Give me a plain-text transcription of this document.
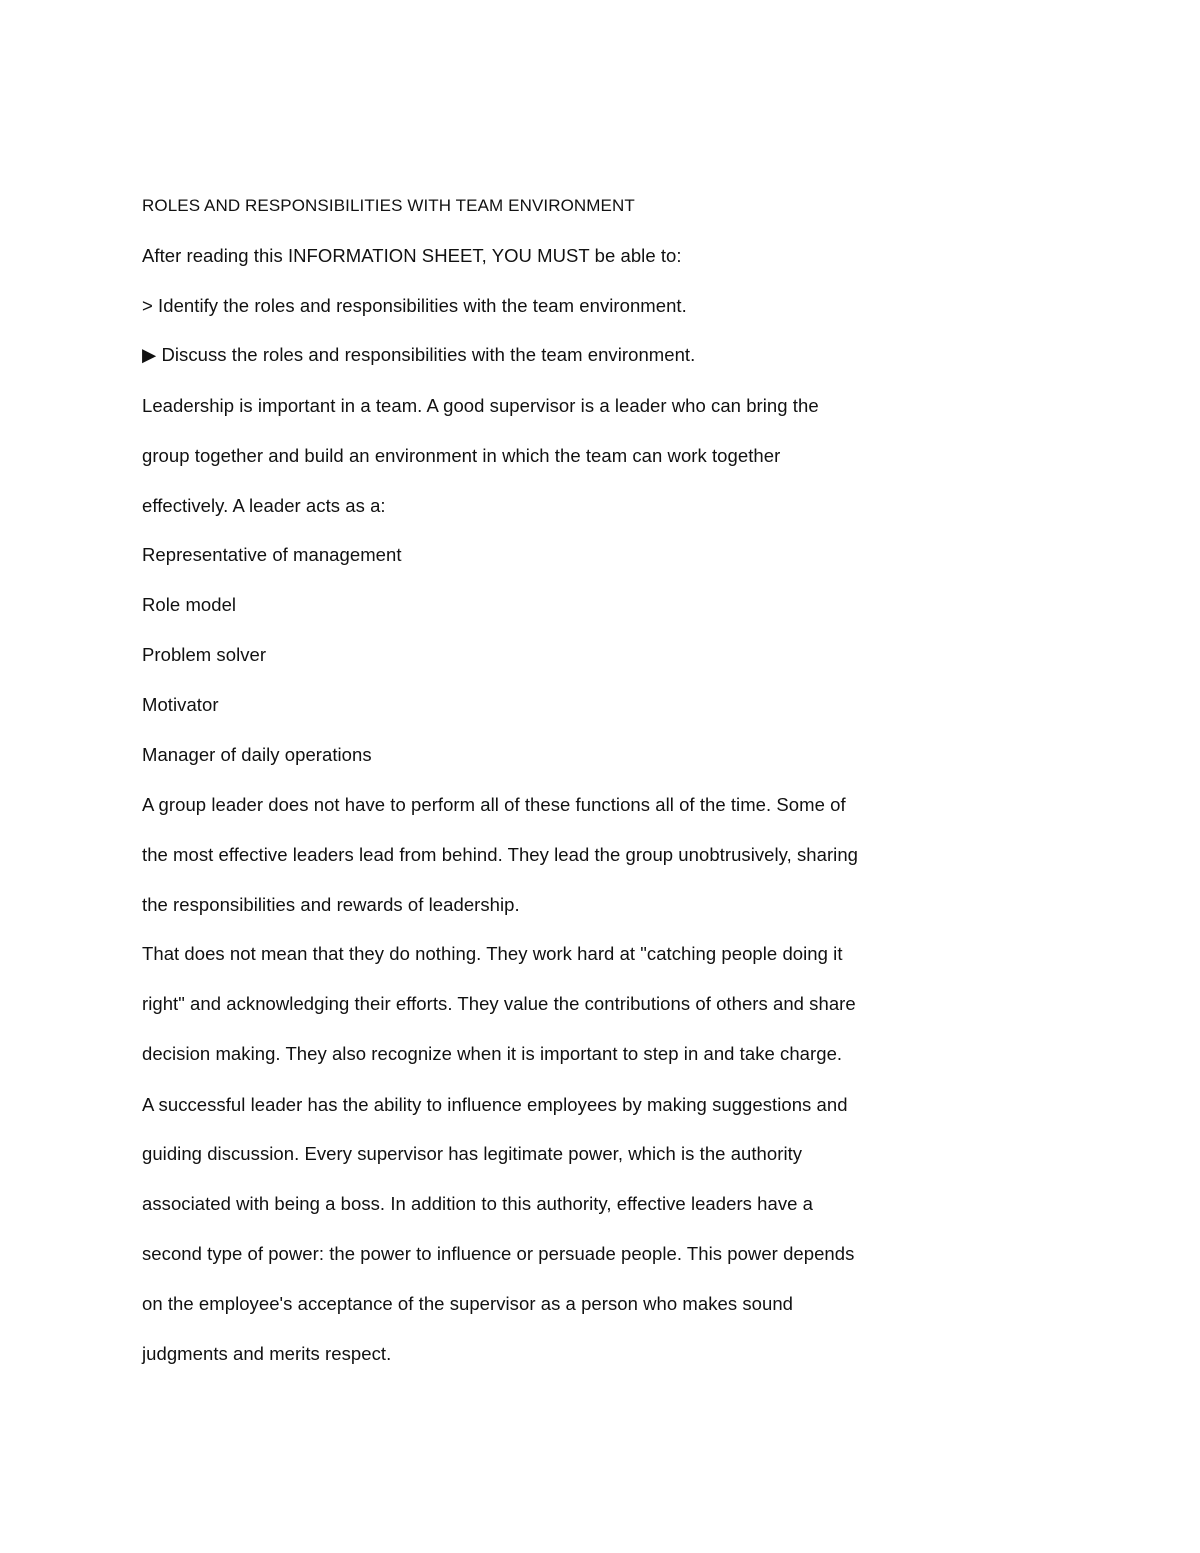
ROLES AND RESPONSIBILITIES WITH TEAM ENVIRONMENT
After reading this INFORMATION SHEET, YOU MUST be able to:
> Identify the roles and responsibilities with the team environment.
▶ Discuss the roles and responsibilities with the team environment.
Leadership is important in a team. A good supervisor is a leader who can bring the
group together and build an environment in which the team can work together
effectively. A leader acts as a:
Representative of management
Role model
Problem solver
Motivator
Manager of daily operations
A group leader does not have to perform all of these functions all of the time. Some of
the most effective leaders lead from behind. They lead the group unobtrusively, sharing
the responsibilities and rewards of leadership.
That does not mean that they do nothing. They work hard at "catching people doing it
right" and acknowledging their efforts. They value the contributions of others and share
decision making. They also recognize when it is important to step in and take charge.
A successful leader has the ability to influence employees by making suggestions and
guiding discussion. Every supervisor has legitimate power, which is the authority
associated with being a boss. In addition to this authority, effective leaders have a
second type of power: the power to influence or persuade people. This power depends
on the employee's acceptance of the supervisor as a person who makes sound
judgments and merits respect.
